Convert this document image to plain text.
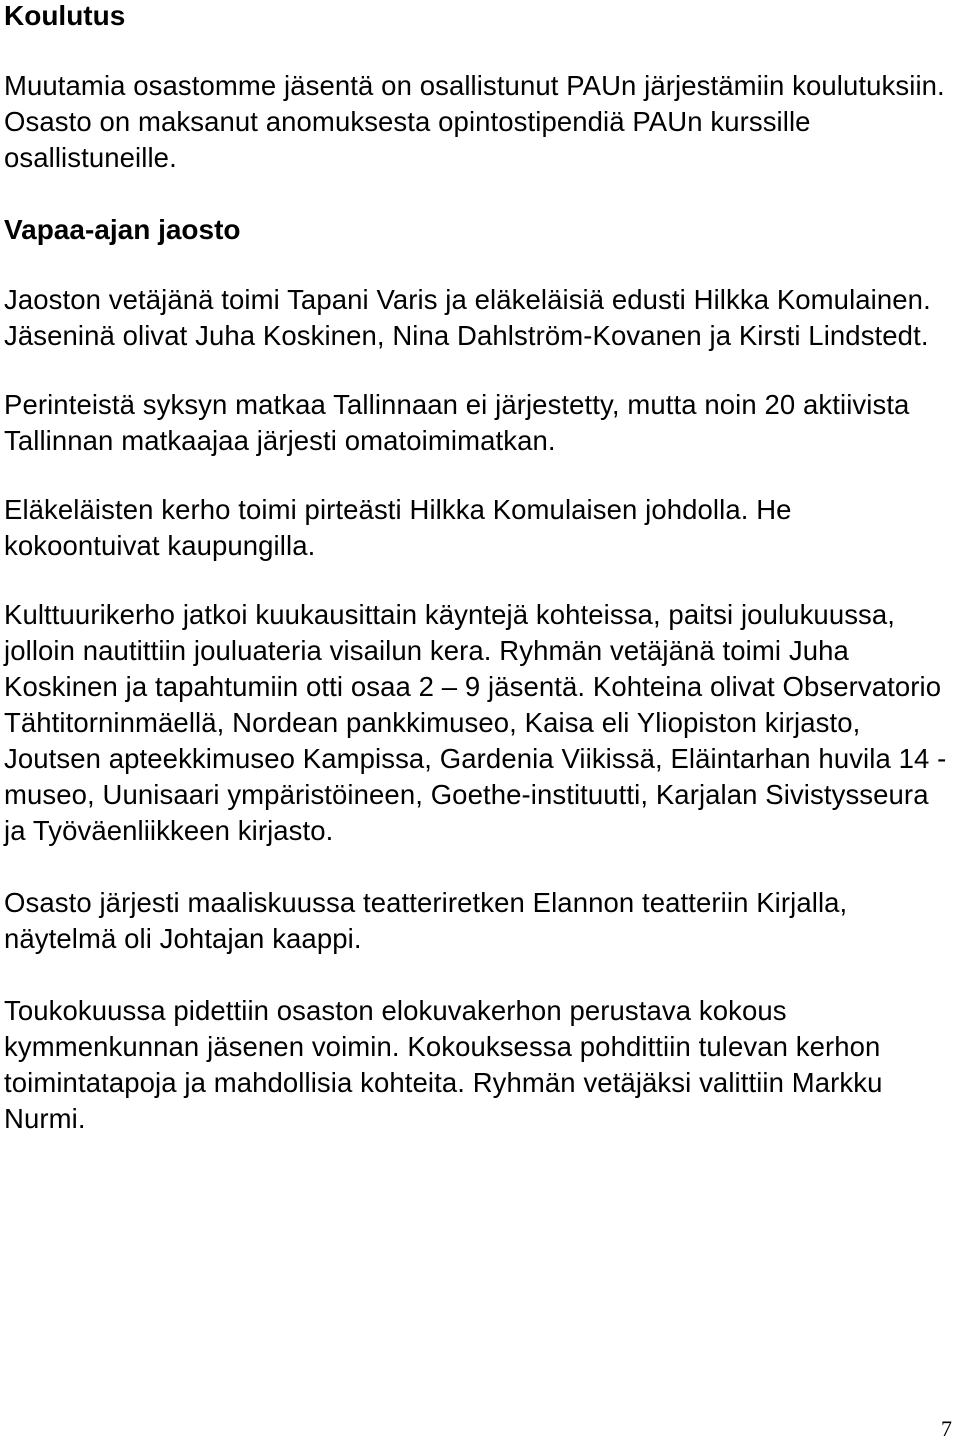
Koulutus

Muutamia osastomme jäsentä on osallistunut PAUn järjestämiin koulutuksiin. Osasto on maksanut anomuksesta opintostipendiä PAUn kurssille osallistuneille.

Vapaa-ajan jaosto

Jaoston vetäjänä toimi Tapani Varis ja eläkeläisiä edusti Hilkka Komulainen. Jäseninä olivat Juha Koskinen, Nina Dahlström-Kovanen ja Kirsti Lindstedt.

Perinteistä syksyn matkaa Tallinnaan ei järjestetty, mutta noin 20 aktiivista Tallinnan matkaajaa järjesti omatoimimatkan.

Eläkeläisten kerho toimi pirteästi Hilkka Komulaisen johdolla. He kokoontuivat kaupungilla.

Kulttuurikerho jatkoi kuukausittain käyntejä kohteissa, paitsi joulukuussa, jolloin nautittiin jouluateria visailun kera. Ryhmän vetäjänä toimi Juha Koskinen ja tapahtumiin otti osaa 2 – 9 jäsentä. Kohteina olivat Observatorio Tähtitorninmäellä, Nordean pankkimuseo, Kaisa eli Yliopiston kirjasto, Joutsen apteekkimuseo Kampissa, Gardenia Viikissä, Eläintarhan huvila 14 -museo, Uunisaari ympäristöineen, Goethe-instituutti, Karjalan Sivistysseura ja Työväenliikkeen kirjasto.

Osasto järjesti maaliskuussa teatteriretken Elannon teatteriin Kirjalla, näytelmä oli Johtajan kaappi.

Toukokuussa pidettiin osaston elokuvakerhon perustava kokous kymmenkunnan jäsenen voimin. Kokouksessa pohdittiin tulevan kerhon toimintatapoja ja mahdollisia kohteita. Ryhmän vetäjäksi valittiin Markku Nurmi.

7
